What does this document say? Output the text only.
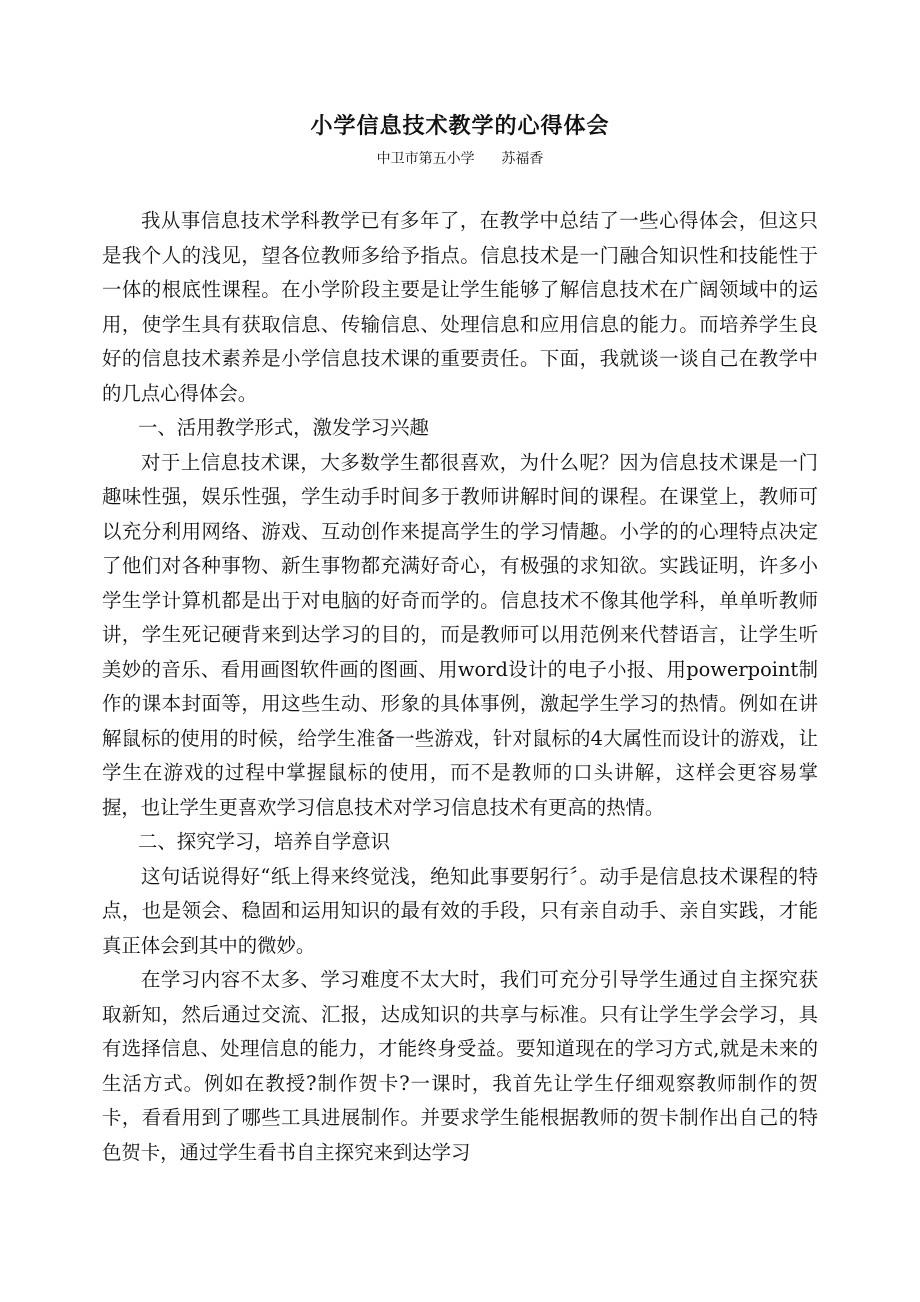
小学信息技术教学的心得体会
中卫市第五小学      苏福香

我从事信息技术学科教学已有多年了，在教学中总结了一些心得体会，但这只是我个人的浅见，望各位教师多给予指点。信息技术是一门融合知识性和技能性于一体的根底性课程。在小学阶段主要是让学生能够了解信息技术在广阔领域中的运用，使学生具有获取信息、传输信息、处理信息和应用信息的能力。而培养学生良好的信息技术素养是小学信息技术课的重要责任。下面，我就谈一谈自己在教学中的几点心得体会。

一、活用教学形式，激发学习兴趣

对于上信息技术课，大多数学生都很喜欢，为什么呢？因为信息技术课是一门趣味性强，娱乐性强，学生动手时间多于教师讲解时间的课程。在课堂上，教师可以充分利用网络、游戏、互动创作来提高学生的学习情趣。小学的的心理特点决定了他们对各种事物、新生事物都充满好奇心，有极强的求知欲。实践证明，许多小学生学计算机都是出于对电脑的好奇而学的。信息技术不像其他学科，单单听教师讲，学生死记硬背来到达学习的目的，而是教师可以用范例来代替语言，让学生听美妙的音乐、看用画图软件画的图画、用word设计的电子小报、用powerpoint制作的课本封面等，用这些生动、形象的具体事例，激起学生学习的热情。例如在讲解鼠标的使用的时候，给学生准备一些游戏，针对鼠标的4大属性而设计的游戏，让学生在游戏的过程中掌握鼠标的使用，而不是教师的口头讲解，这样会更容易掌握，也让学生更喜欢学习信息技术对学习信息技术有更高的热情。

二、探究学习，培养自学意识

这句话说得好“纸上得来终觉浅，绝知此事要躬行〞。动手是信息技术课程的特点，也是领会、稳固和运用知识的最有效的手段，只有亲自动手、亲自实践，才能真正体会到其中的微妙。

在学习内容不太多、学习难度不太大时，我们可充分引导学生通过自主探究获取新知，然后通过交流、汇报，达成知识的共享与标准。只有让学生学会学习，具有选择信息、处理信息的能力，才能终身受益。要知道现在的学习方式,就是未来的生活方式。例如在教授?制作贺卡?一课时，我首先让学生仔细观察教师制作的贺卡，看看用到了哪些工具进展制作。并要求学生能根据教师的贺卡制作出自己的特色贺卡，通过学生看书自主探究来到达学习
